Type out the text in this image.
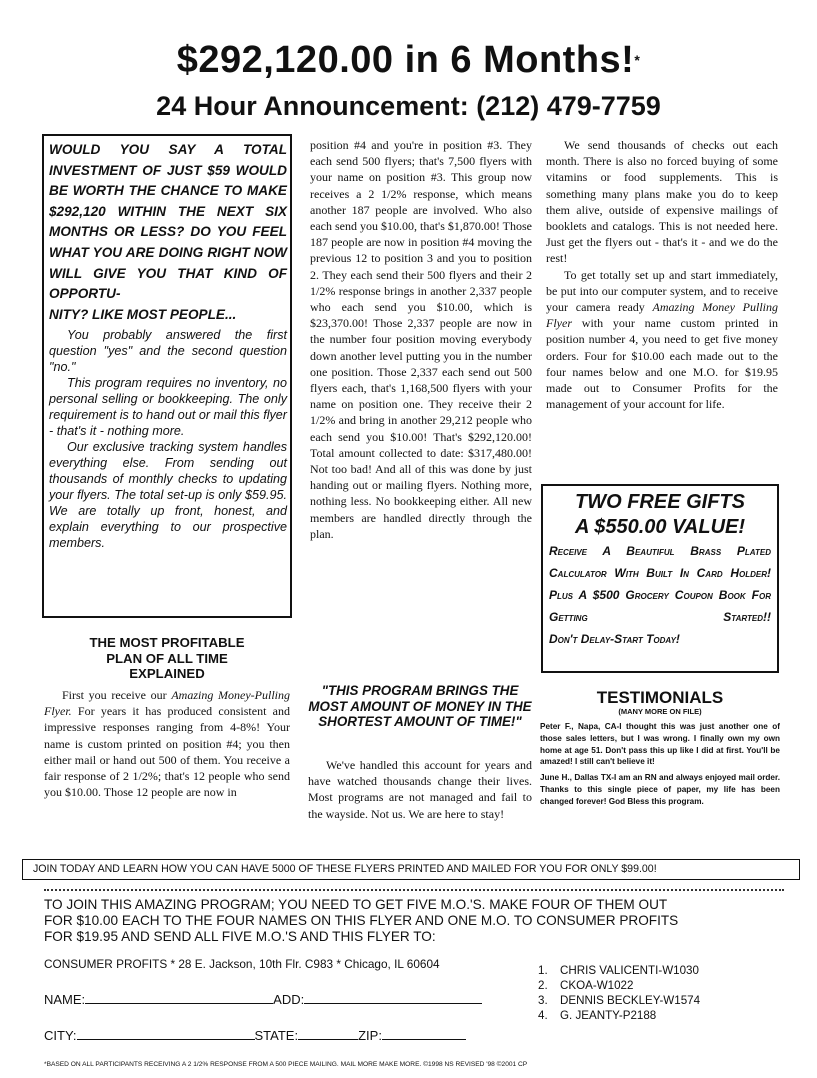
$292,120.00 in 6 Months!*
24 Hour Announcement: (212) 479-7759
WOULD YOU SAY A TOTAL INVESTMENT OF JUST $59 WOULD BE WORTH THE CHANCE TO MAKE $292,120 WITHIN THE NEXT SIX MONTHS OR LESS? DO YOU FEEL WHAT YOU ARE DOING RIGHT NOW WILL GIVE YOU THAT KIND OF OPPORTU-
NITY? LIKE MOST PEOPLE...

You probably answered the first question "yes" and the second question "no."

This program requires no inventory, no personal selling or bookkeeping. The only requirement is to hand out or mail this flyer - that's it - nothing more.

Our exclusive tracking system handles everything else. From sending out thousands of monthly checks to updating your flyers. The total set-up is only $59.95. We are totally up front, honest, and explain everything to our prospective members.

THE MOST PROFITABLE
PLAN OF ALL TIME
EXPLAINED

First you receive our Amazing Money-Pulling Flyer. For years it has produced consistent and impressive responses ranging from 4-8%! Your name is custom printed on position #4; you then either mail or hand out 500 of them. You receive a fair response of 2 1/2%; that's 12 people who send you $10.00. Those 12 people are now in

position #4 and you're in position #3. They each send 500 flyers; that's 7,500 flyers with your name on position #3. This group now receives a 2 1/2% response, which means another 187 people are involved. Who also each send you $10.00, that's $1,870.00! Those 187 people are now in position #4 moving the previous 12 to position 3 and you to position 2. They each send their 500 flyers and their 2 1/2% response brings in another 2,337 people who each send you $10.00, which is $23,370.00! Those 2,337 people are now in the number four position moving everybody down another level putting you in the number one position. Those 2,337 each send out 500 flyers each, that's 1,168,500 flyers with your name on position one. They receive their 2 1/2% and bring in another 29,212 people who each send you $10.00! That's $292,120.00! Total amount collected to date: $317,480.00! Not too bad! And all of this was done by just handing out or mailing flyers. Nothing more, nothing less. No bookkeeping either. All new members are handled directly through the plan.

"THIS PROGRAM BRINGS THE MOST AMOUNT OF MONEY IN THE SHORTEST AMOUNT OF TIME!"

We've handled this account for years and have watched thousands change their lives. Most programs are not managed and fail to the wayside. Not us. We are here to stay!

We send thousands of checks out each month. There is also no forced buying of some vitamins or food supplements. This is something many plans make you do to keep them alive, outside of expensive mailings of booklets and catalogs. This is not needed here. Just get the flyers out - that's it - and we do the rest!

To get totally set up and start immediately, be put into our computer system, and to receive your camera ready Amazing Money Pulling Flyer with your name custom printed in position number 4, you need to get five money orders. Four for $10.00 each made out to the four names below and one M.O. for $19.95 made out to Consumer Profits for the management of your account for life.

TWO FREE GIFTS
A $550.00 VALUE!
Receive A Beautiful Brass Plated Calculator With Built In Card Holder! Plus A $500 Grocery Coupon Book For Getting Started!!
Don't Delay-Start Today!
TESTIMONIALS
(MANY MORE ON FILE)

Peter F., Napa, CA-I thought this was just another one of those sales letters, but I was wrong. I finally own my own home at age 51. Don't pass this up like I did at first. You'll be amazed! I still can't believe it!

June H., Dallas TX-I am an RN and always enjoyed mail order. Thanks to this single piece of paper, my life has been changed forever! God Bless this program.

JOIN TODAY AND LEARN HOW YOU CAN HAVE 5000 OF THESE FLYERS PRINTED AND MAILED FOR YOU FOR ONLY $99.00!
TO JOIN THIS AMAZING PROGRAM; YOU NEED TO GET FIVE M.O.'S. MAKE FOUR OF THEM OUT
FOR $10.00 EACH TO THE FOUR NAMES ON THIS FLYER AND ONE M.O. TO CONSUMER PROFITS
FOR $19.95 AND SEND ALL FIVE M.O.'S AND THIS FLYER TO:
CONSUMER PROFITS * 28 E. Jackson, 10th Flr. C983 * Chicago, IL 60604	1. CHRIS VALICENTI-W1030
2. CKOA-W1022
3. DENNIS BECKLEY-W1574
4. G. JEANTY-P2188
NAME:	ADD:
CITY:	STATE:	ZIP:
*BASED ON ALL PARTICIPANTS RECEIVING A 2 1/2% RESPONSE FROM A 500 PIECE MAILING. MAIL MORE MAKE MORE. ©1998 NS REVISED '98 ©2001 CP
